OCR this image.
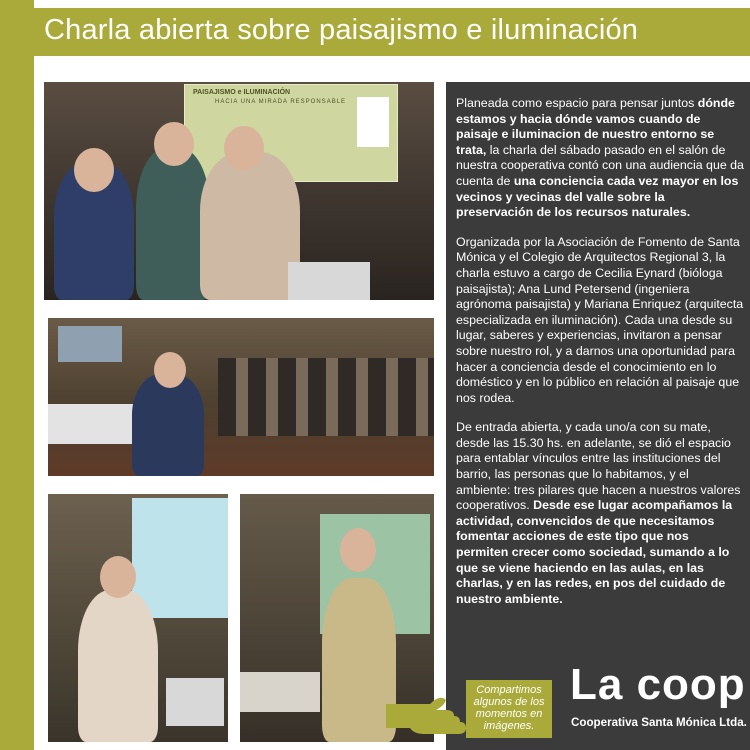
Charla abierta sobre paisajismo e iluminación
PAISAJISMO e ILUMINACIÓN
HACIA UNA MIRADA RESPONSABLE	Planeada como espacio para pensar juntos dónde estamos y hacia dónde vamos cuando de paisaje e iluminacion de nuestro entorno se trata, la charla del sábado pasado en el salón de nuestra cooperativa contó con una audiencia que da cuenta de una conciencia cada vez mayor en los vecinos y vecinas del valle sobre la preservación de los recursos naturales.

Organizada por la Asociación de Fomento de Santa Mónica y el Colegio de Arquitectos Regional 3, la charla estuvo a cargo de Cecilia Eynard (bióloga paisajista); Ana Lund Petersend (ingeniera agrónoma paisajista) y Mariana Enriquez (arquitecta especializada en iluminación). Cada una desde su lugar, saberes y experiencias, invitaron a pensar sobre nuestro rol, y a darnos una oportunidad para hacer a conciencia desde el conocimiento en lo doméstico y en lo público en relación al paisaje que nos rodea.

De entrada abierta, y cada uno/a con su mate, desde las 15.30 hs. en adelante, se dió el espacio para entablar vínculos entre las instituciones del barrio, las personas que lo habitamos, y el ambiente: tres pilares que hacen a nuestros valores cooperativos. Desde ese lugar acompañamos la actividad, convencidos de que necesitamos fomentar acciones de este tipo que nos permiten crecer como sociedad, sumando a lo que se viene haciendo en las aulas, en las charlas, y en las redes, en pos del cuidado de nuestro ambiente.

Compartimos algunos de los momentos en imágenes.
La coop
Cooperativa Santa Mónica Ltda.
